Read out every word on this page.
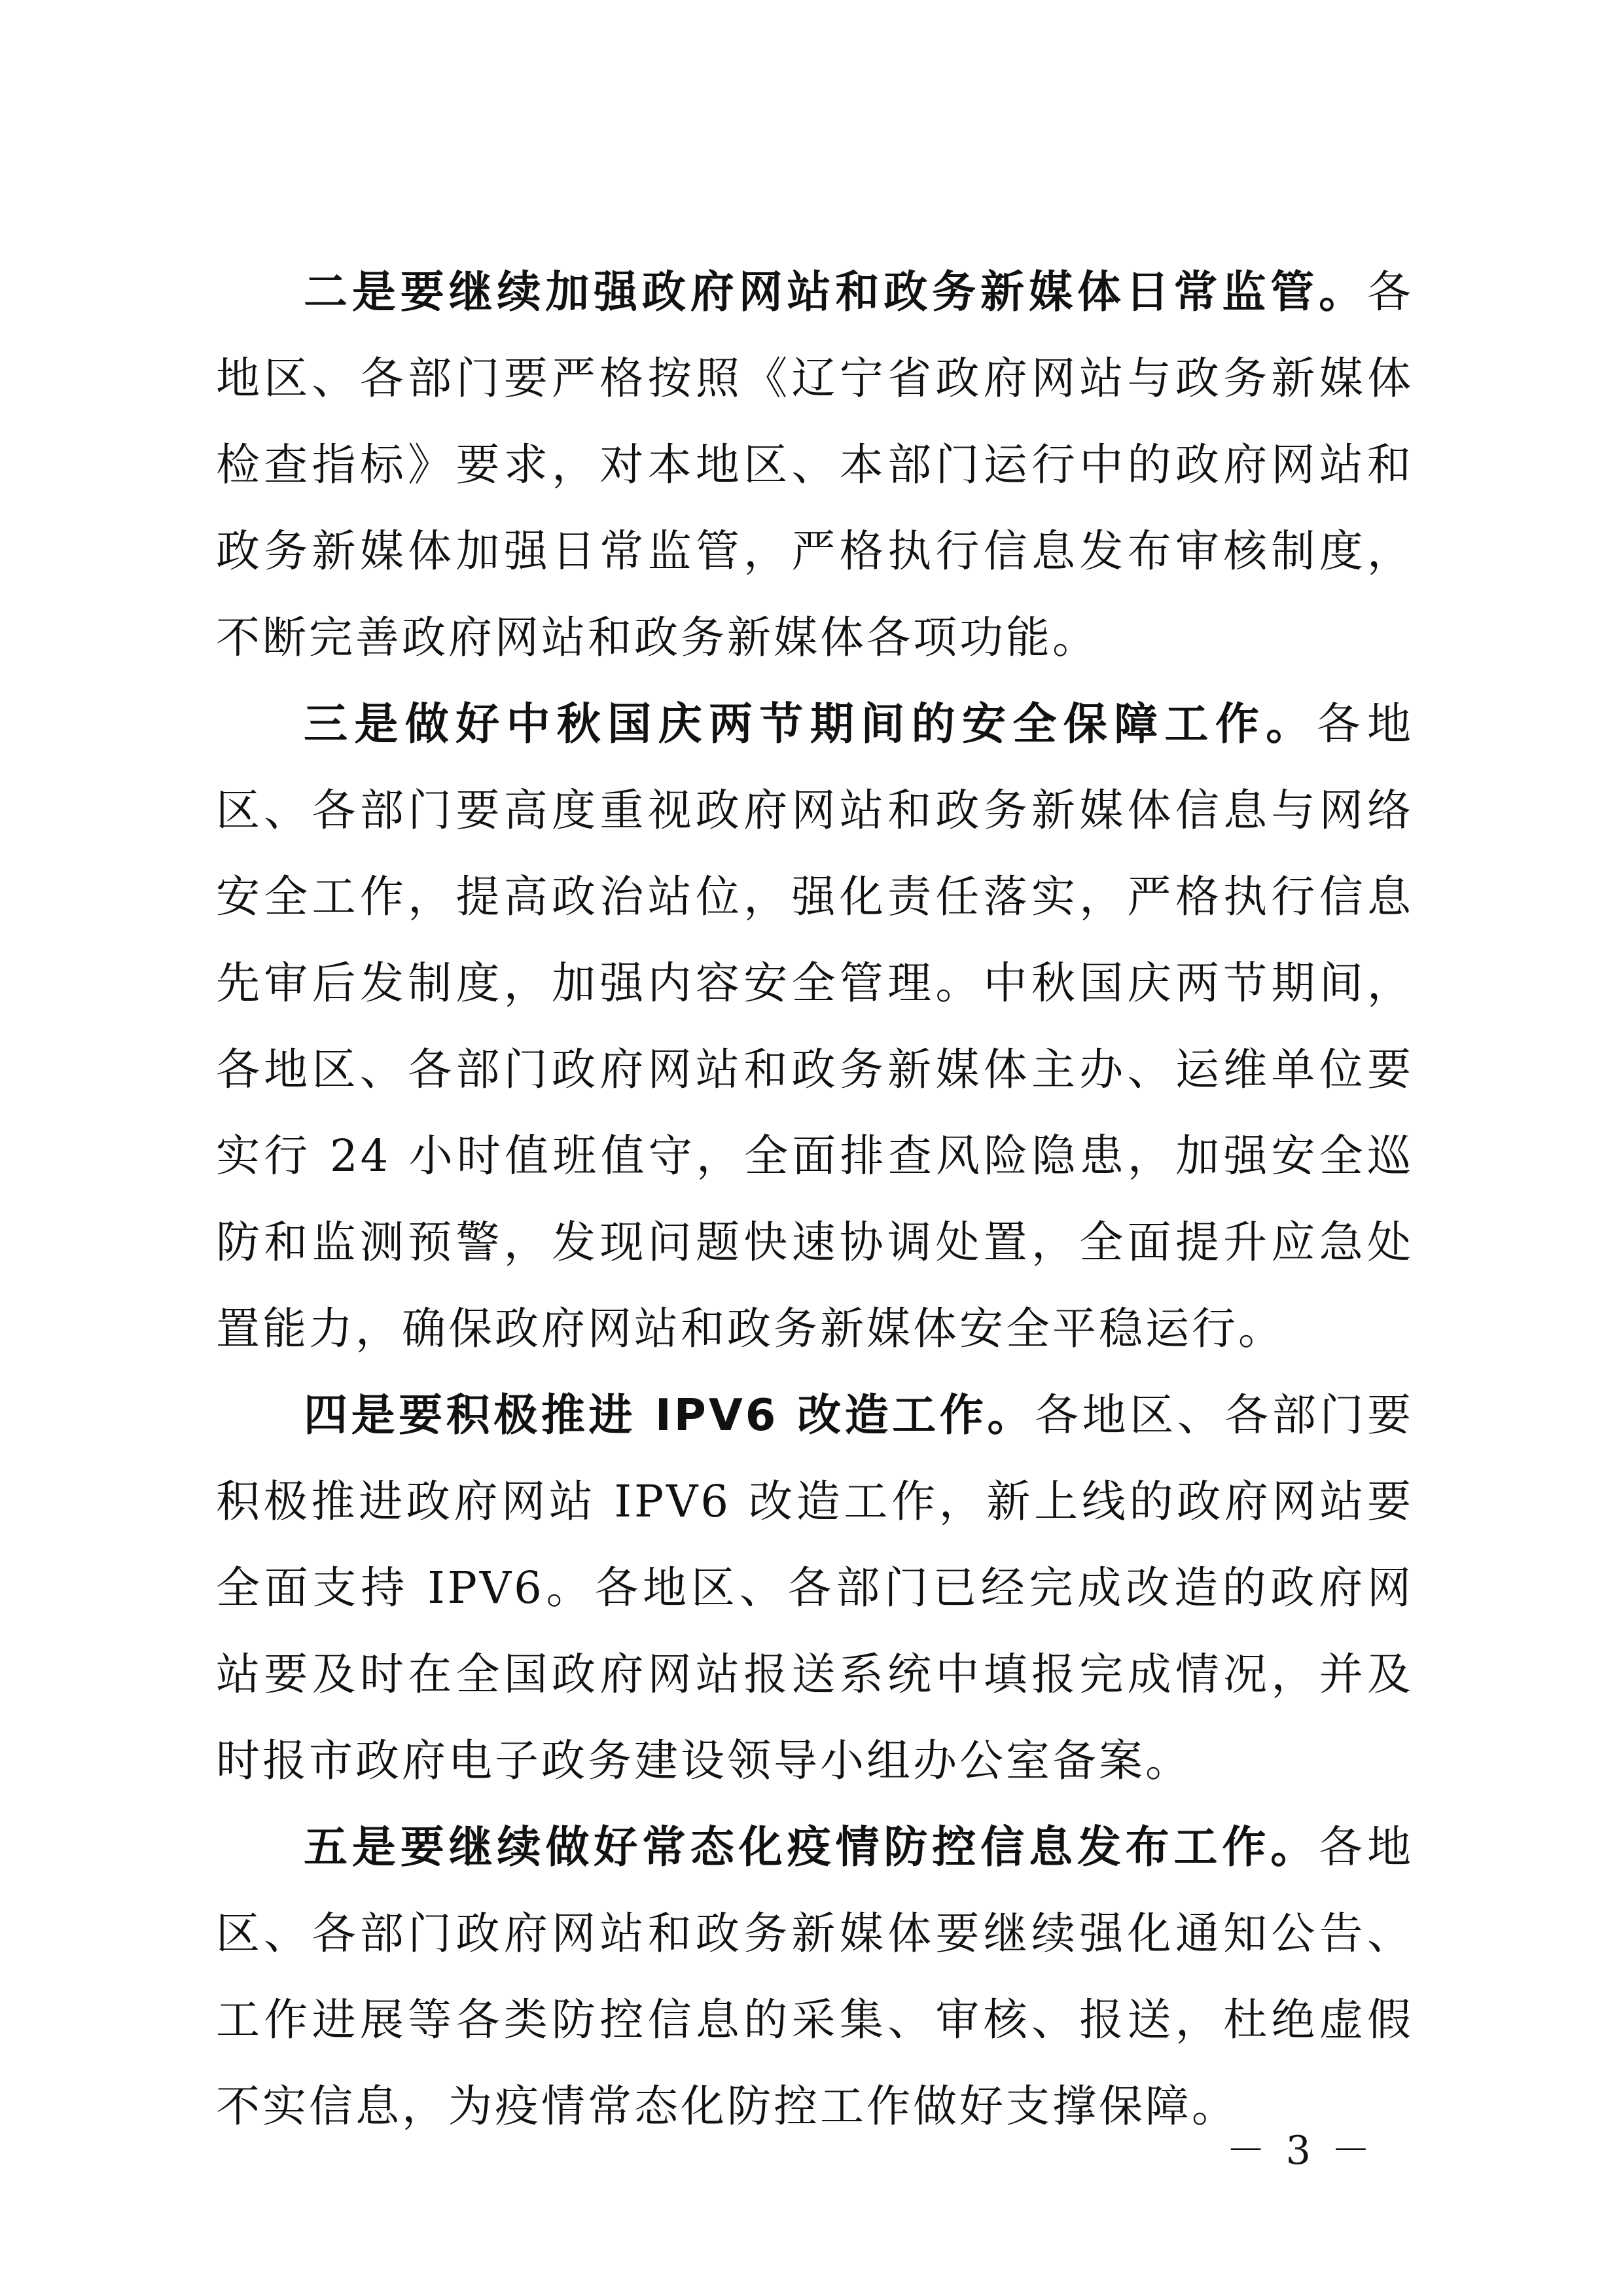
二是要继续加强政府网站和政务新媒体日常监管。各地区、各部门要严格按照《辽宁省政府网站与政务新媒体检查指标》要求，对本地区、本部门运行中的政府网站和政务新媒体加强日常监管，严格执行信息发布审核制度，不断完善政府网站和政务新媒体各项功能。

三是做好中秋国庆两节期间的安全保障工作。各地区、各部门要高度重视政府网站和政务新媒体信息与网络安全工作，提高政治站位，强化责任落实，严格执行信息先审后发制度，加强内容安全管理。中秋国庆两节期间，各地区、各部门政府网站和政务新媒体主办、运维单位要实行 24 小时值班值守，全面排查风险隐患，加强安全巡防和监测预警，发现问题快速协调处置，全面提升应急处置能力，确保政府网站和政务新媒体安全平稳运行。

四是要积极推进 IPV6 改造工作。各地区、各部门要积极推进政府网站 IPV6 改造工作，新上线的政府网站要全面支持 IPV6。各地区、各部门已经完成改造的政府网站要及时在全国政府网站报送系统中填报完成情况，并及时报市政府电子政务建设领导小组办公室备案。

五是要继续做好常态化疫情防控信息发布工作。各地区、各部门政府网站和政务新媒体要继续强化通知公告、工作进展等各类防控信息的采集、审核、报送，杜绝虚假不实信息，为疫情常态化防控工作做好支撑保障。

－ 3 －
